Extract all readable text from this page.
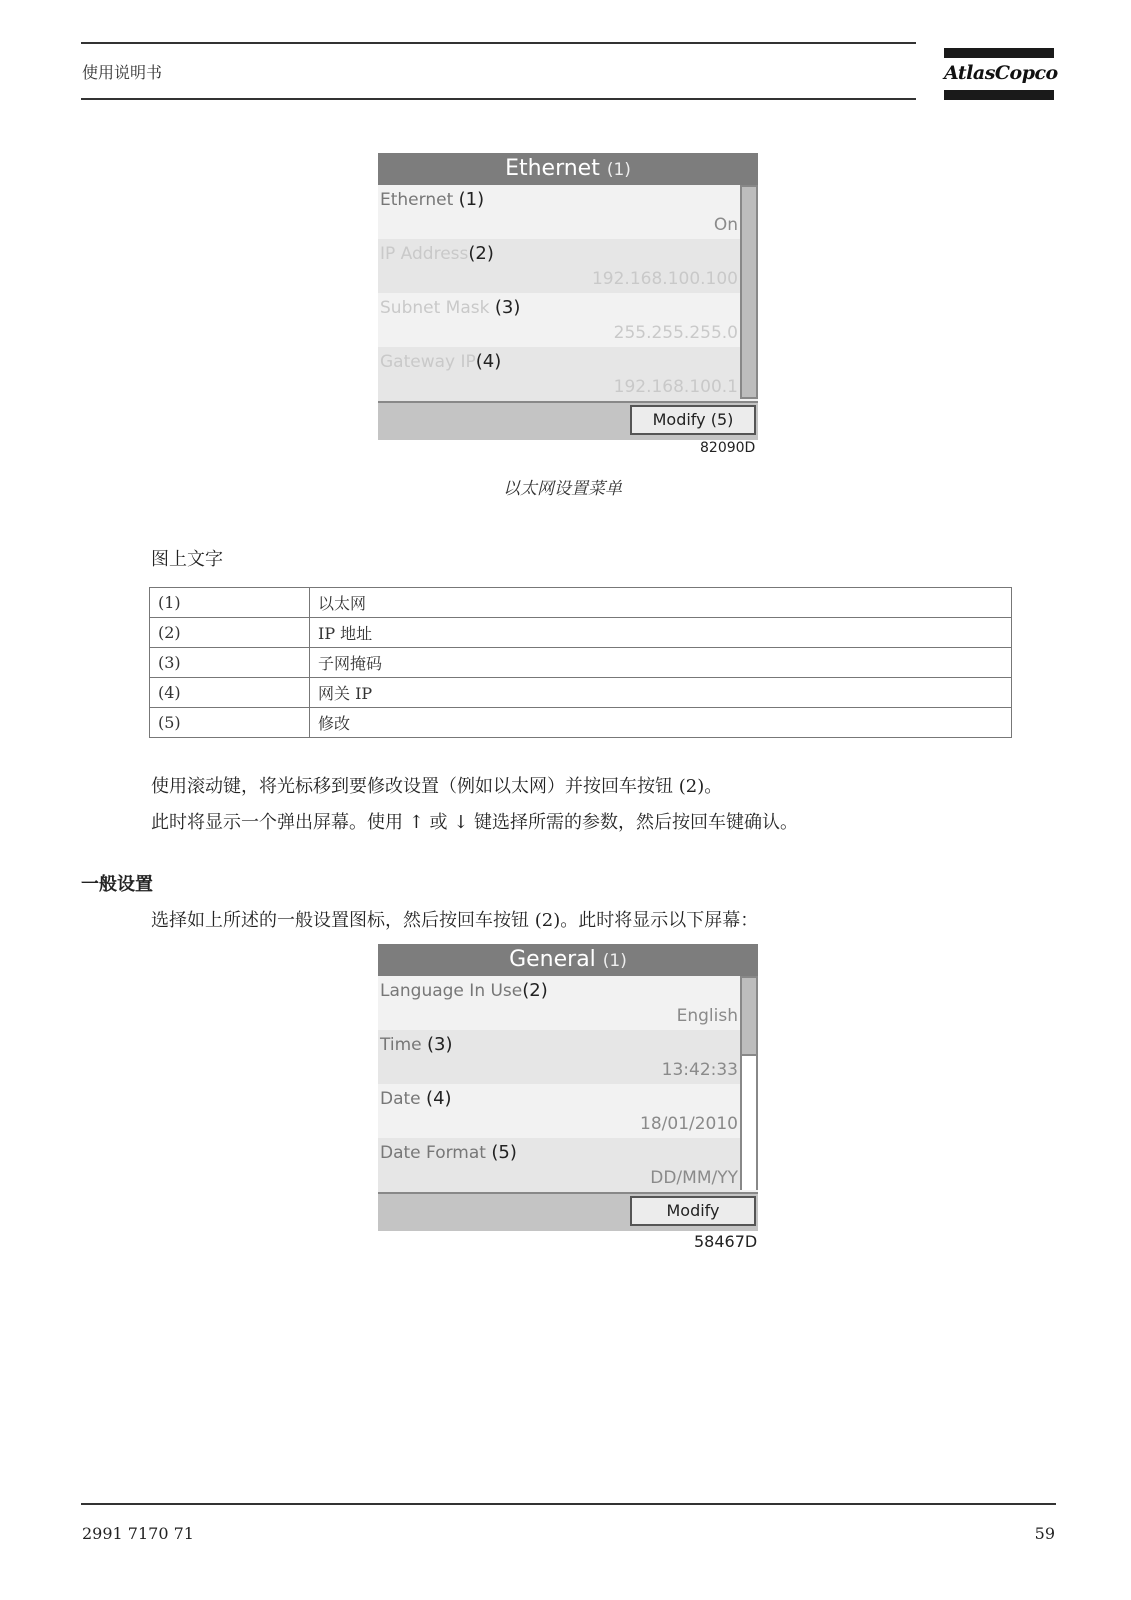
使用说明书	AtlasCopco
Ethernet (1)
Ethernet (1)
On
IP Address(2)
192.168.100.100
Subnet Mask (3)
255.255.255.0
Gateway IP(4)
192.168.100.1
Modify (5)
82090D
以太网设置菜单
图上文字
(1)	以太网
(2)	IP 地址
(3)	子网掩码
(4)	网关 IP
(5)	修改
使用滚动键，将光标移到要修改设置（例如以太网）并按回车按钮 (2)。
此时将显示一个弹出屏幕。使用 ↑ 或 ↓ 键选择所需的参数，然后按回车键确认。
一般设置
选择如上所述的一般设置图标，然后按回车按钮 (2)。此时将显示以下屏幕：
General (1)
Language In Use(2)
English
Time (3)
13:42:33
Date (4)
18/01/2010
Date Format (5)
DD/MM/YY
Modify
58467D
2991 7170 71	59
